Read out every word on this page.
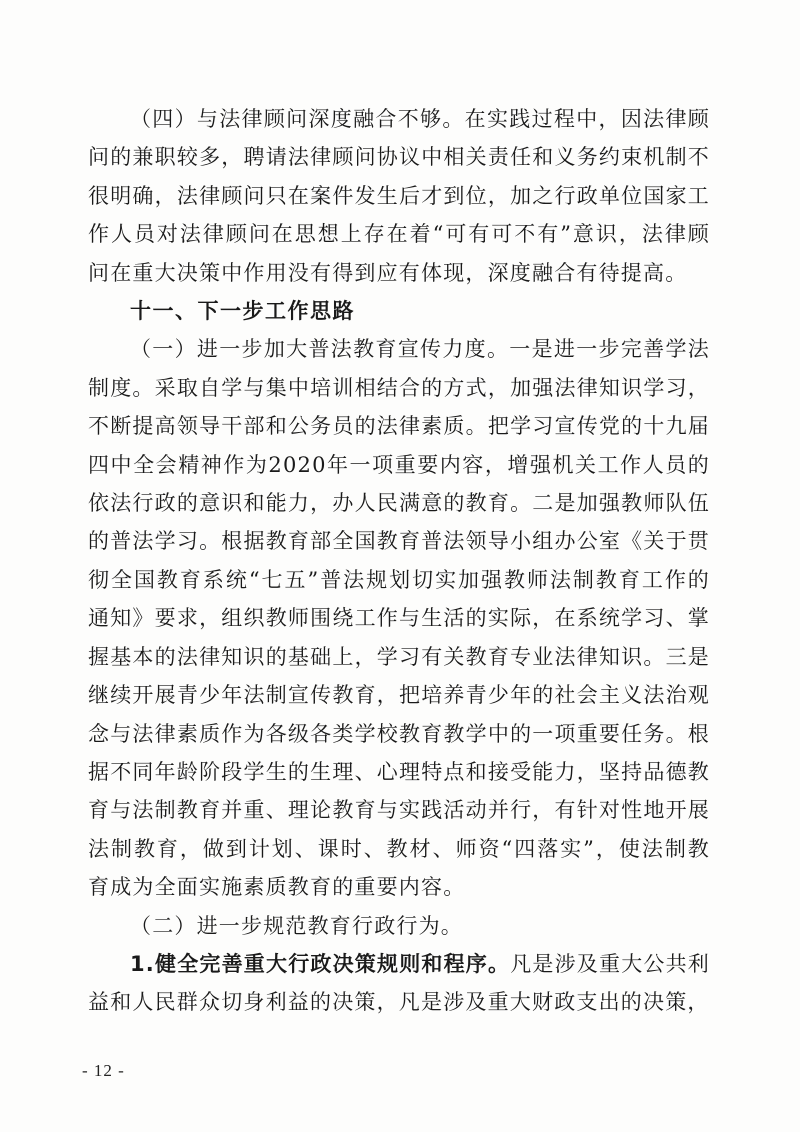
（四）与法律顾问深度融合不够。在实践过程中，因法律顾问的兼职较多，聘请法律顾问协议中相关责任和义务约束机制不很明确，法律顾问只在案件发生后才到位，加之行政单位国家工作人员对法律顾问在思想上存在着“可有可不有”意识，法律顾问在重大决策中作用没有得到应有体现，深度融合有待提高。

十一、下一步工作思路

（一）进一步加大普法教育宣传力度。一是进一步完善学法制度。采取自学与集中培训相结合的方式，加强法律知识学习，不断提高领导干部和公务员的法律素质。把学习宣传党的十九届四中全会精神作为2020年一项重要内容，增强机关工作人员的依法行政的意识和能力，办人民满意的教育。二是加强教师队伍的普法学习。根据教育部全国教育普法领导小组办公室《关于贯彻全国教育系统“七五”普法规划切实加强教师法制教育工作的通知》要求，组织教师围绕工作与生活的实际，在系统学习、掌握基本的法律知识的基础上，学习有关教育专业法律知识。三是继续开展青少年法制宣传教育，把培养青少年的社会主义法治观念与法律素质作为各级各类学校教育教学中的一项重要任务。根据不同年龄阶段学生的生理、心理特点和接受能力，坚持品德教育与法制教育并重、理论教育与实践活动并行，有针对性地开展法制教育，做到计划、课时、教材、师资“四落实”，使法制教育成为全面实施素质教育的重要内容。

（二）进一步规范教育行政行为。

1.健全完善重大行政决策规则和程序。凡是涉及重大公共利益和人民群众切身利益的决策，凡是涉及重大财政支出的决策，

- 12 -
